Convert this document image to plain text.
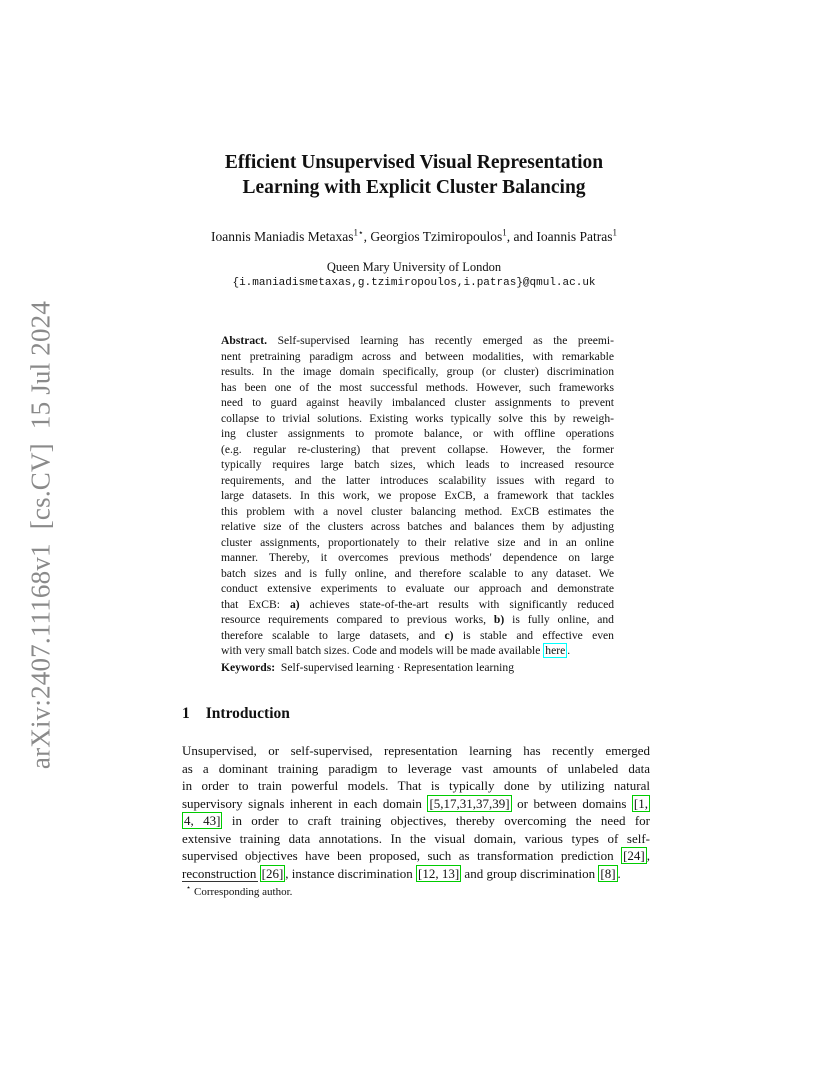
arXiv:2407.11168v1[cs.CV]15 Jul 2024
Efficient Unsupervised Visual Representation
Learning with Explicit Cluster Balancing
Ioannis Maniadis Metaxas$^{1⋆}$, Georgios Tzimiropoulos$^1$, and Ioannis Patras$^1$
Queen Mary University of London
{i.maniadismetaxas,g.tzimiropoulos,i.patras}@qmul.ac.uk
Abstract. Self-supervised learning has recently emerged as the preemi-
nent pretraining paradigm across and between modalities, with remarkable
results. In the image domain specifically, group (or cluster) discrimination
has been one of the most successful methods. However, such frameworks
need to guard against heavily imbalanced cluster assignments to prevent
collapse to trivial solutions. Existing works typically solve this by reweigh-
ing cluster assignments to promote balance, or with offline operations
(e.g. regular re-clustering) that prevent collapse. However, the former
typically requires large batch sizes, which leads to increased resource
requirements, and the latter introduces scalability issues with regard to
large datasets. In this work, we propose ExCB, a framework that tackles
this problem with a novel cluster balancing method. ExCB estimates the
relative size of the clusters across batches and balances them by adjusting
cluster assignments, proportionately to their relative size and in an online
manner. Thereby, it overcomes previous methods' dependence on large
batch sizes and is fully online, and therefore scalable to any dataset. We
conduct extensive experiments to evaluate our approach and demonstrate
that ExCB: a) achieves state-of-the-art results with significantly reduced
resource requirements compared to previous works, b) is fully online, and
therefore scalable to large datasets, and c) is stable and effective even
with very small batch sizes. Code and models will be made available here .
Keywords: Self-supervised learning · Representation learning
1 Introduction
Unsupervised, or self-supervised, representation learning has recently emerged
as a dominant training paradigm to leverage vast amounts of unlabeled data
in order to train powerful models. That is typically done by utilizing natural
supervisory signals inherent in each domain [5,17,31,37,39] or between domains [1,
4, 43] in order to craft training objectives, thereby overcoming the need for
extensive training data annotations. In the visual domain, various types of self-
supervised objectives have been proposed, such as transformation prediction [24] ,
reconstruction [26] , instance discrimination [12, 13] and group discrimination [8] .
⋆ Corresponding author.
